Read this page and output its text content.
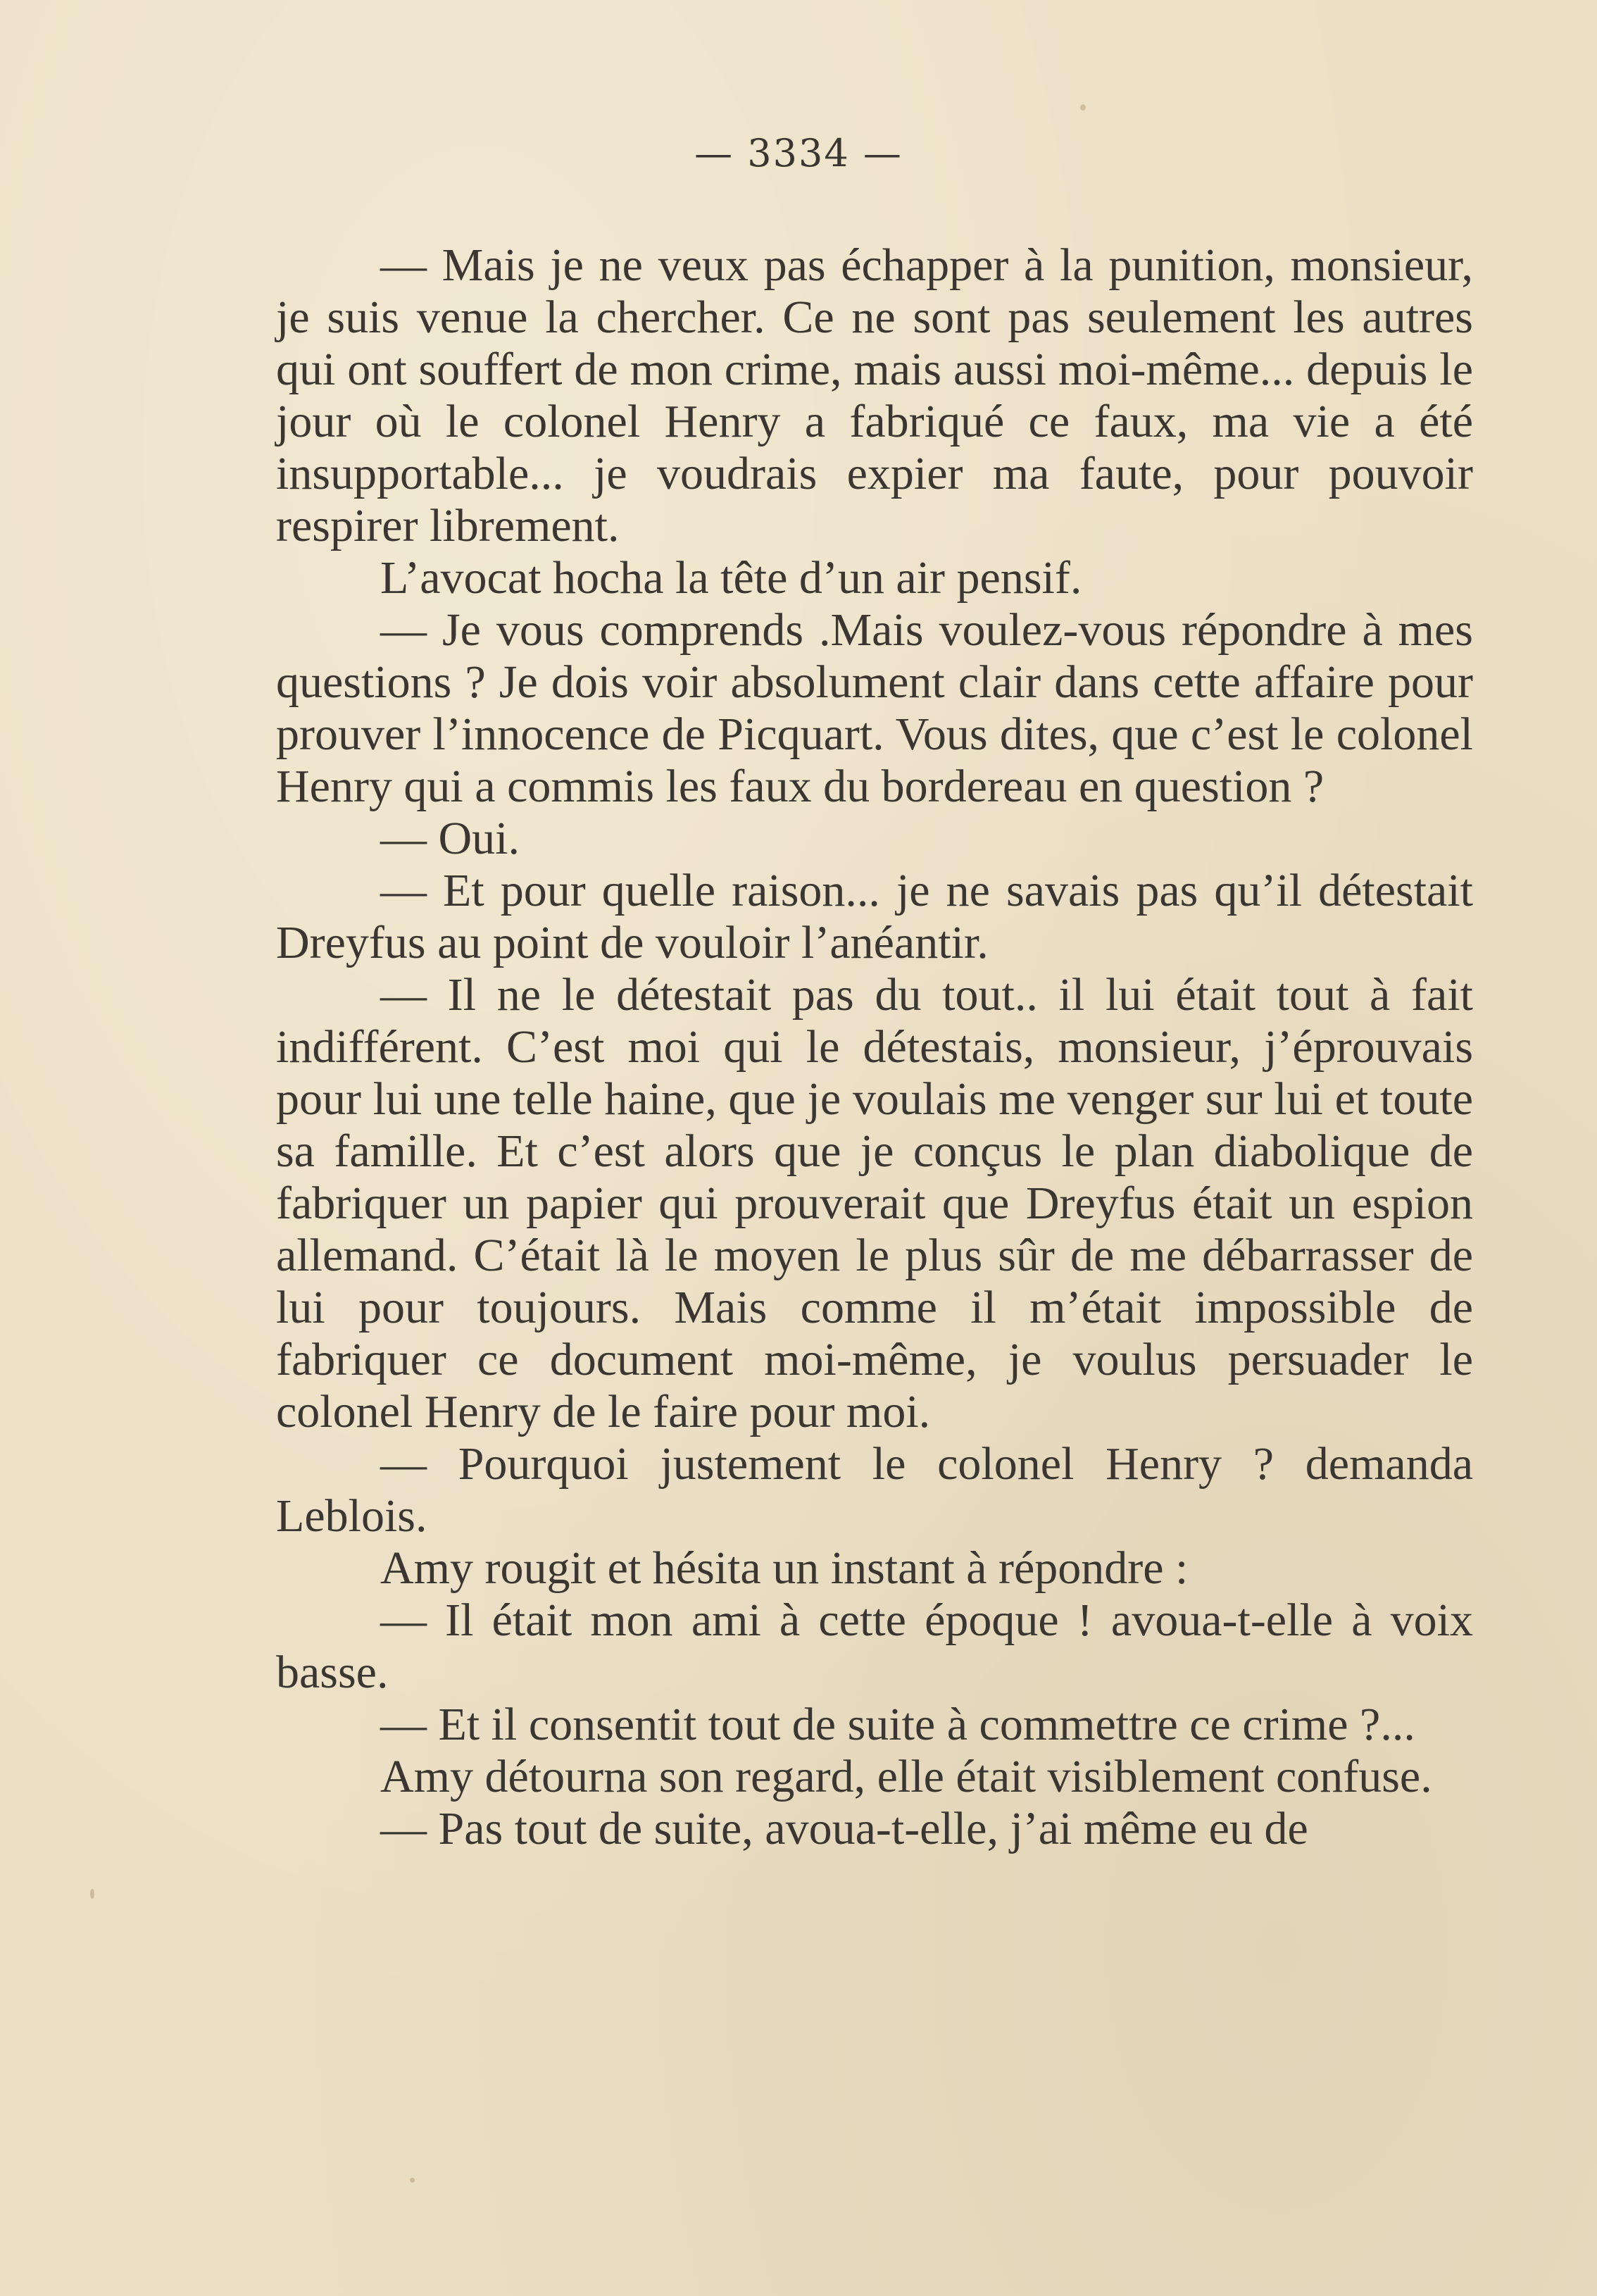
— 3334 —

— Mais je ne veux pas échapper à la punition, monsieur, je suis venue la chercher. Ce ne sont pas seulement les autres qui ont souffert de mon crime, mais aussi moi-même... depuis le jour où le colonel Henry a fabriqué ce faux, ma vie a été insupportable... je voudrais expier ma faute, pour pouvoir respirer librement.

L’avocat hocha la tête d’un air pensif.

— Je vous comprends .Mais voulez-vous répondre à mes questions ? Je dois voir absolument clair dans cette affaire pour prouver l’innocence de Picquart. Vous dites, que c’est le colonel Henry qui a commis les faux du bordereau en question ?

— Oui.

— Et pour quelle raison... je ne savais pas qu’il détestait Dreyfus au point de vouloir l’anéantir.

— Il ne le détestait pas du tout.. il lui était tout à fait indifférent. C’est moi qui le détestais, monsieur, j’éprouvais pour lui une telle haine, que je voulais me venger sur lui et toute sa famille. Et c’est alors que je conçus le plan diabolique de fabriquer un papier qui prouverait que Dreyfus était un espion allemand. C’était là le moyen le plus sûr de me débarrasser de lui pour toujours. Mais comme il m’était impossible de fabriquer ce document moi-même, je voulus persuader le colonel Henry de le faire pour moi.

— Pourquoi justement le colonel Henry ? demanda Leblois.

Amy rougit et hésita un instant à répondre :

— Il était mon ami à cette époque ! avoua-t-elle à voix basse.

— Et il consentit tout de suite à commettre ce crime ?...

Amy détourna son regard, elle était visiblement confuse.

— Pas tout de suite, avoua-t-elle, j’ai même eu de
